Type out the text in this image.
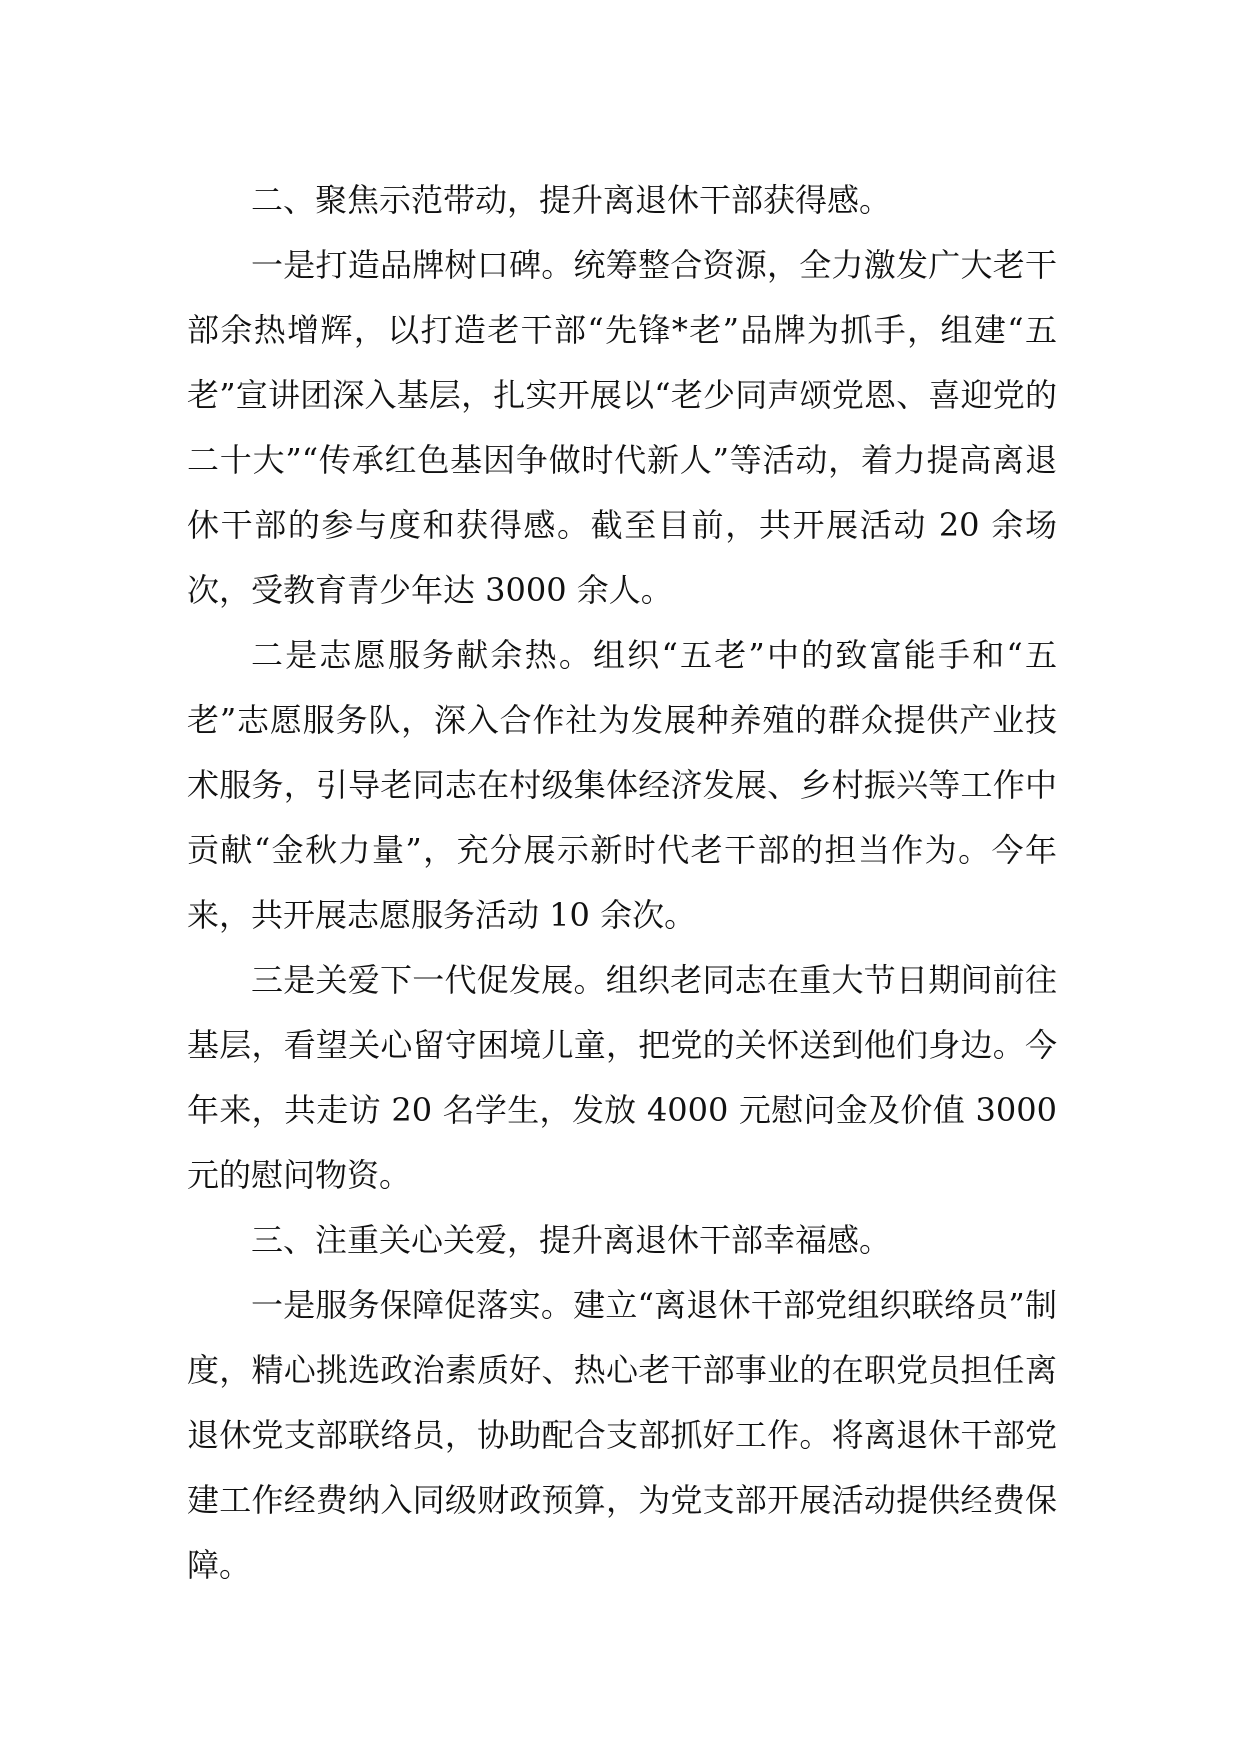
二、聚焦示范带动，提升离退休干部获得感。

一是打造品牌树口碑。统筹整合资源，全力激发广大老干部余热增辉，以打造老干部“先锋*老”品牌为抓手，组建“五老”宣讲团深入基层，扎实开展以“老少同声颂党恩、喜迎党的二十大”“传承红色基因争做时代新人”等活动，着力提高离退休干部的参与度和获得感。截至目前，共开展活动 20 余场次，受教育青少年达 3000 余人。

二是志愿服务献余热。组织“五老”中的致富能手和“五老”志愿服务队，深入合作社为发展种养殖的群众提供产业技术服务，引导老同志在村级集体经济发展、乡村振兴等工作中贡献“金秋力量”，充分展示新时代老干部的担当作为。今年来，共开展志愿服务活动 10 余次。

三是关爱下一代促发展。组织老同志在重大节日期间前往基层，看望关心留守困境儿童，把党的关怀送到他们身边。今年来，共走访 20 名学生，发放 4000 元慰问金及价值 3000 元的慰问物资。

三、注重关心关爱，提升离退休干部幸福感。

一是服务保障促落实。建立“离退休干部党组织联络员”制度，精心挑选政治素质好、热心老干部事业的在职党员担任离退休党支部联络员，协助配合支部抓好工作。将离退休干部党建工作经费纳入同级财政预算，为党支部开展活动提供经费保障。
